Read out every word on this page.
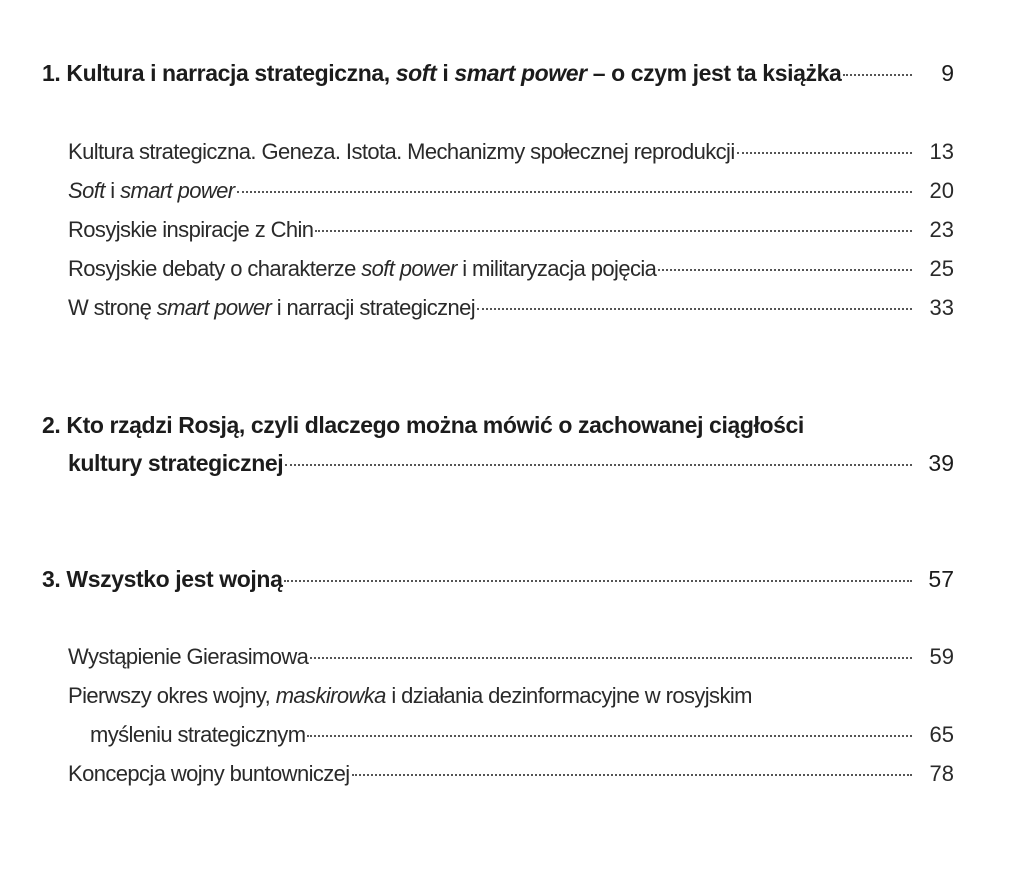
1. Kultura i narracja strategiczna, soft i smart power – o czym jest ta książka	9
Kultura strategiczna. Geneza. Istota. Mechanizmy społecznej reprodukcji	13
Soft i smart power	20
Rosyjskie inspiracje z Chin	23
Rosyjskie debaty o charakterze soft power i militaryzacja pojęcia	25
W stronę smart power i narracji strategicznej	33
2. Kto rządzi Rosją, czyli dlaczego można mówić o zachowanej ciągłości
kultury strategicznej	39
3. Wszystko jest wojną	57
Wystąpienie Gierasimowa	59
Pierwszy okres wojny, maskirowka i działania dezinformacyjne w rosyjskim
myśleniu strategicznym	65
Koncepcja wojny buntowniczej	78
